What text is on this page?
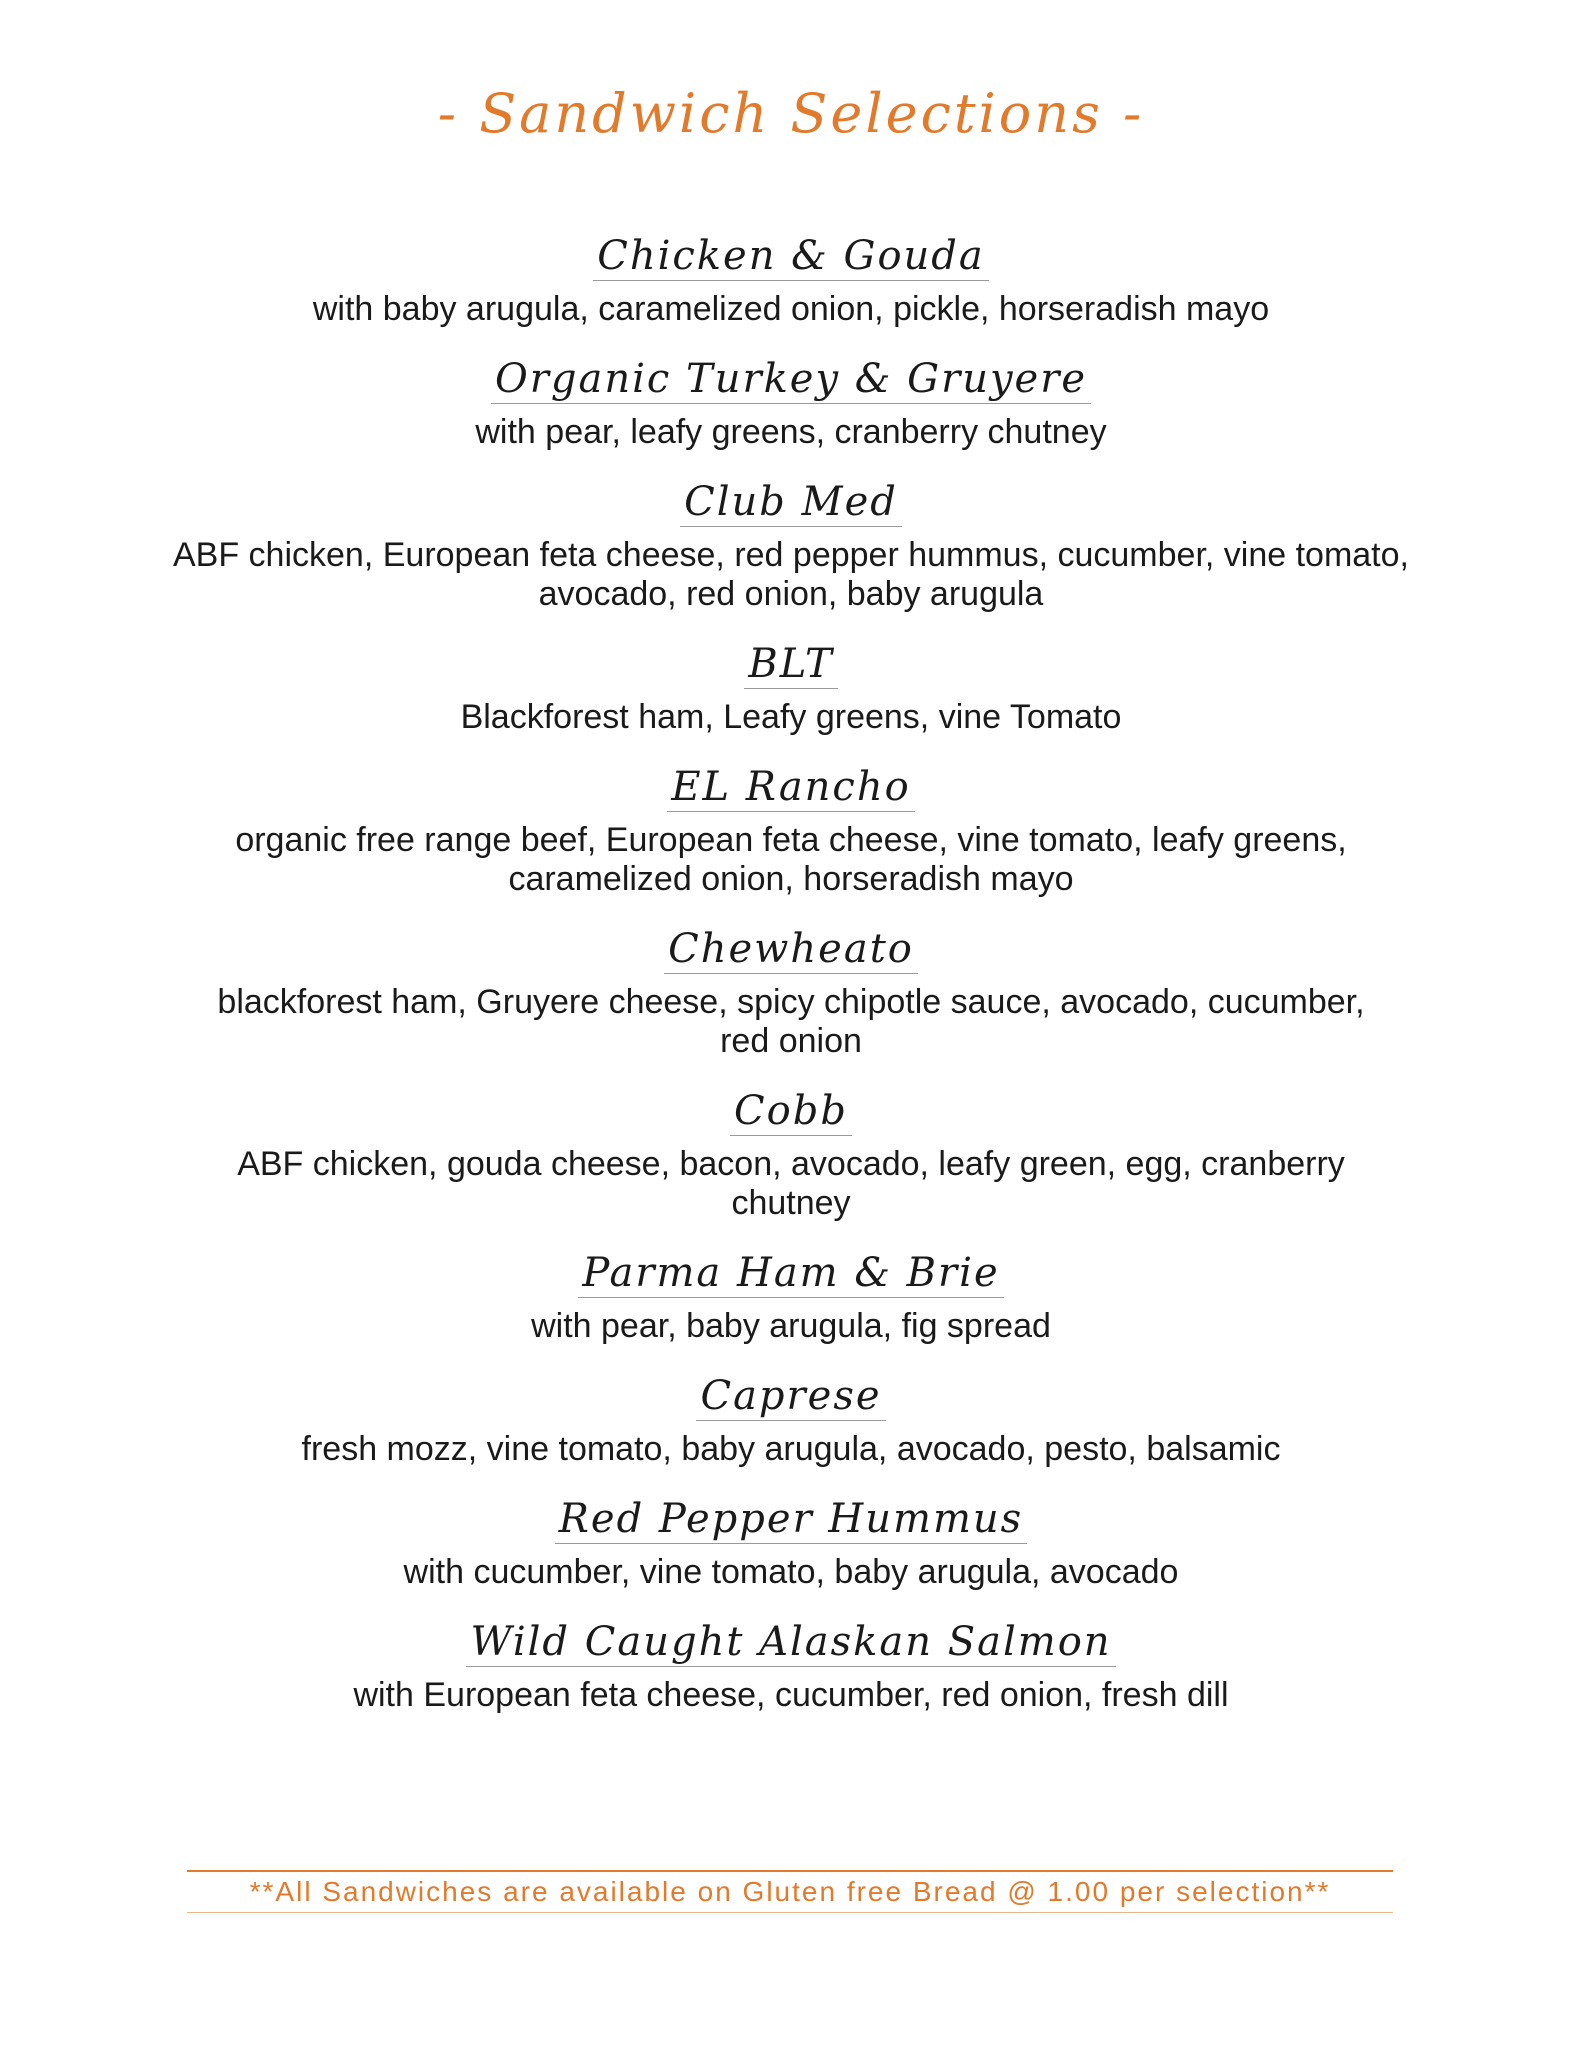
- Sandwich Selections -
Chicken & Gouda
with baby arugula, caramelized onion, pickle, horseradish mayo
Organic Turkey & Gruyere
with pear, leafy greens, cranberry chutney
Club Med
ABF chicken, European feta cheese, red pepper hummus, cucumber, vine tomato, avocado, red onion, baby arugula
BLT
Blackforest ham, Leafy greens, vine Tomato
EL Rancho
organic free range beef, European feta cheese, vine tomato, leafy greens, caramelized onion, horseradish mayo
Chewheato
blackforest ham, Gruyere cheese, spicy chipotle sauce, avocado, cucumber, red onion
Cobb
ABF chicken, gouda cheese, bacon, avocado, leafy green, egg, cranberry chutney
Parma Ham & Brie
with pear, baby arugula, fig spread
Caprese
fresh mozz, vine tomato, baby arugula, avocado, pesto, balsamic
Red Pepper Hummus
with cucumber, vine tomato, baby arugula, avocado
Wild Caught Alaskan Salmon
with European feta cheese, cucumber, red onion, fresh dill
**All Sandwiches are available on Gluten free Bread @ 1.00 per selection**
